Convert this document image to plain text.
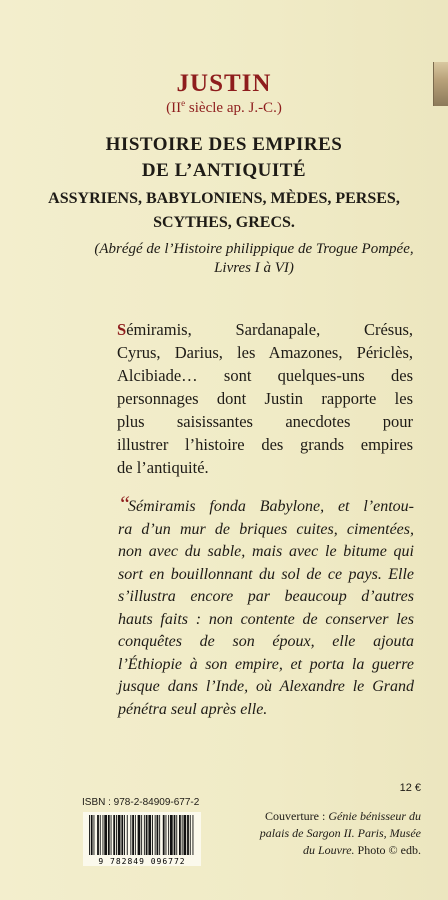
JUSTIN
(IIe siècle ap. J.-C.)
HISTOIRE DES EMPIRES
DE L’ANTIQUITÉ
ASSYRIENS, BABYLONIENS, MÈDES, PERSES,
SCYTHES, GRECS.
(Abrégé de l’Histoire philippique de Trogue Pompée,
Livres I à VI)
Sémiramis, Sardanapale, Crésus,
Cyrus, Darius, les Amazones, Périclès,
Alcibiade… sont quelques-uns des
personnages dont Justin rapporte les
plus saisissantes anecdotes pour
illustrer l’histoire des grands empires
de l’antiquité.
“
Sémiramis fonda Babylone, et l’entou-
ra d’un mur de briques cuites, cimentées,
non avec du sable, mais avec le bitume qui
sort en bouillonnant du sol de ce pays. Elle
s’illustra encore par beaucoup d’autres
hauts faits : non contente de conserver les
conquêtes de son époux, elle ajouta
l’Éthiopie à son empire, et porta la guerre
jusque dans l’Inde, où Alexandre le Grand
pénétra seul après elle.
12 €
ISBN : 978-2-84909-677-2
9 782849 096772
Couverture : Génie bénisseur du
palais de Sargon II. Paris, Musée
du Louvre. Photo © edb.
